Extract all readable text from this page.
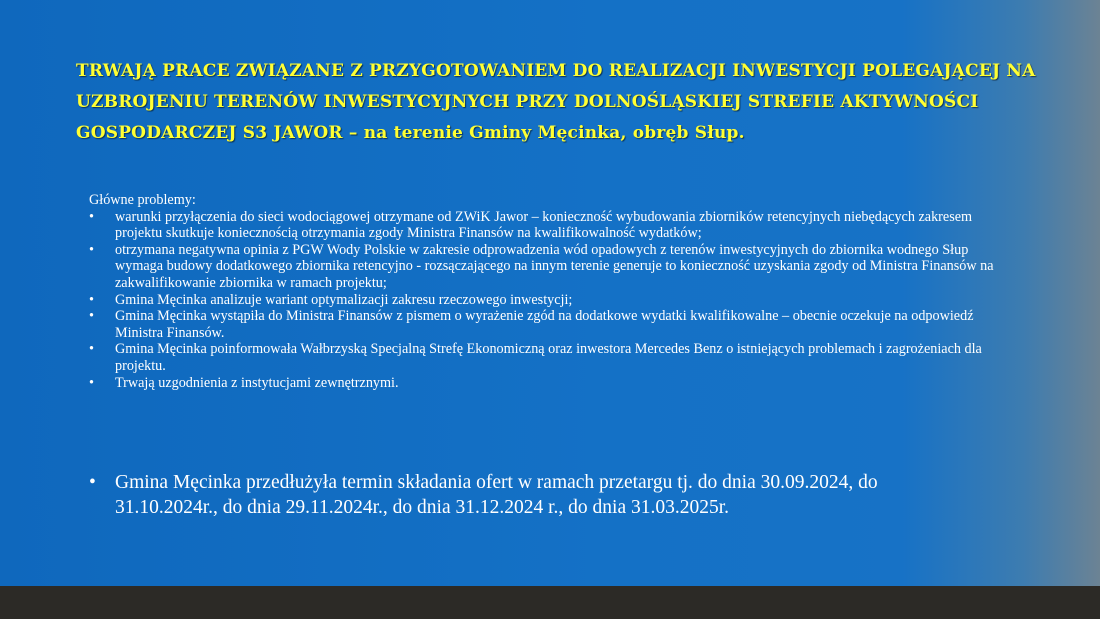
TRWAJĄ PRACE ZWIĄZANE Z PRZYGOTOWANIEM DO REALIZACJI INWESTYCJI POLEGAJĄCEJ NA UZBROJENIU TERENÓW INWESTYCYJNYCH PRZY DOLNOŚLĄSKIEJ STREFIE AKTYWNOŚCI GOSPODARCZEJ S3 JAWOR – na terenie Gminy Męcinka, obręb Słup.

Główne problemy:

• warunki przyłączenia do sieci wodociągowej otrzymane od ZWiK Jawor – konieczność wybudowania zbiorników retencyjnych niebędących zakresem projektu skutkuje koniecznością otrzymania zgody Ministra Finansów na kwalifikowalność wydatków;
• otrzymana negatywna opinia z PGW Wody Polskie w zakresie odprowadzenia wód opadowych z terenów inwestycyjnych do zbiornika wodnego Słup wymaga budowy dodatkowego zbiornika retencyjno - rozsączającego na innym terenie generuje to konieczność uzyskania zgody od Ministra Finansów na zakwalifikowanie zbiornika w ramach projektu;
• Gmina Męcinka analizuje wariant optymalizacji zakresu rzeczowego inwestycji;
• Gmina Męcinka wystąpiła do Ministra Finansów z pismem o wyrażenie zgód na dodatkowe wydatki kwalifikowalne – obecnie oczekuje na odpowiedź Ministra Finansów.
• Gmina Męcinka poinformowała Wałbrzyską Specjalną Strefę Ekonomiczną oraz inwestora Mercedes Benz o istniejących problemach i zagrożeniach dla projektu.
• Trwają uzgodnienia z instytucjami zewnętrznymi.
• Gmina Męcinka przedłużyła termin składania ofert w ramach przetargu tj. do dnia 30.09.2024, do 31.10.2024r., do dnia 29.11.2024r., do dnia 31.12.2024 r., do dnia 31.03.2025r.
